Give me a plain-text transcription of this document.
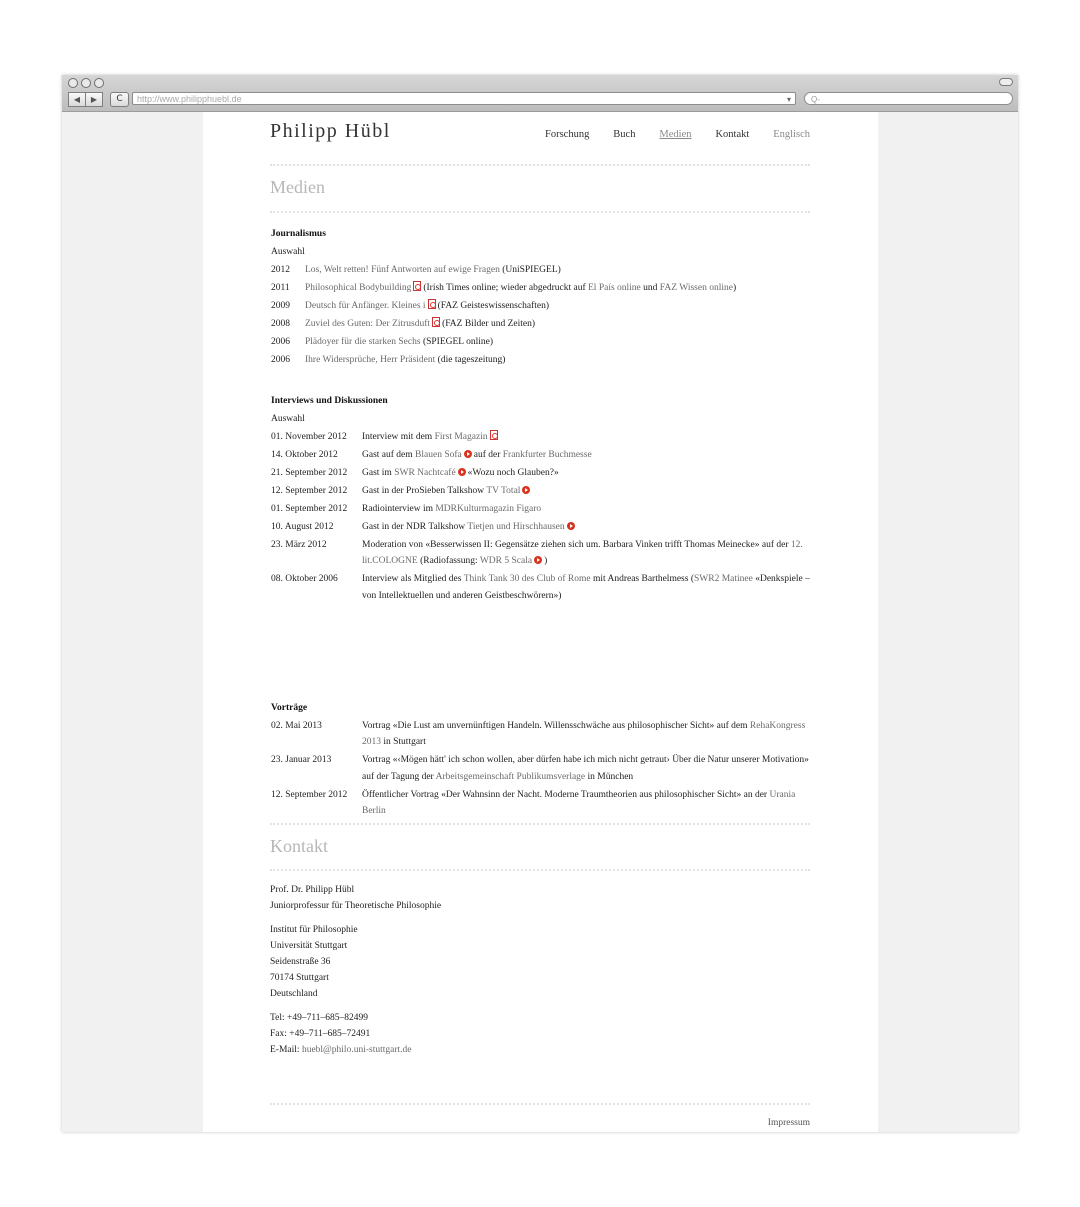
◀	▶	C	http://www.philipphuebl.de	▾	Q-
Philipp Hübl	Forschung Buch Medien Kontakt Englisch
Medien
Journalismus
Auswahl
2012	Los, Welt retten! Fünf Antworten auf ewige Fragen (UniSPIEGEL)
2011	Philosophical Bodybuilding (Irish Times online; wieder abgedruckt auf El País online und FAZ Wissen online)
2009	Deutsch für Anfänger. Kleines i (FAZ Geisteswissenschaften)
2008	Zuviel des Guten: Der Zitrusduft (FAZ Bilder und Zeiten)
2006	Plädoyer für die starken Sechs (SPIEGEL online)
2006	Ihre Widersprüche, Herr Präsident (die tageszeitung)
Interviews und Diskussionen
Auswahl
01. November 2012	Interview mit dem First Magazin
14. Oktober 2012	Gast auf dem Blauen Sofa auf der Frankfurter Buchmesse
21. September 2012	Gast im SWR Nachtcafé «Wozu noch Glauben?»
12. September 2012	Gast in der ProSieben Talkshow TV Total
01. September 2012	Radiointerview im MDRKulturmagazin Figaro
10. August 2012	Gast in der NDR Talkshow Tietjen und Hirschhausen
23. März 2012	Moderation von «Besserwissen II: Gegensätze ziehen sich um. Barbara Vinken trifft Thomas Meinecke» auf der 12. lit.COLOGNE (Radiofassung: WDR 5 Scala )
08. Oktober 2006	Interview als Mitglied des Think Tank 30 des Club of Rome mit Andreas Barthelmess (SWR2 Matinee «Denkspiele – von Intellektuellen und anderen Geistbeschwörern»)
Vorträge
02. Mai 2013	Vortrag «Die Lust am unvernünftigen Handeln. Willensschwäche aus philosophischer Sicht» auf dem RehaKongress 2013 in Stuttgart
23. Januar 2013	Vortrag «‹Mögen hätt' ich schon wollen, aber dürfen habe ich mich nicht getraut› Über die Natur unserer Motivation» auf der Tagung der Arbeitsgemeinschaft Publikumsverlage in München
12. September 2012	Öffentlicher Vortrag «Der Wahnsinn der Nacht. Moderne Traumtheorien aus philosophischer Sicht» an der Urania Berlin
Kontakt

Prof. Dr. Philipp Hübl

Juniorprofessur für Theoretische Philosophie

Institut für Philosophie

Universität Stuttgart

Seidenstraße 36

70174 Stuttgart

Deutschland

Tel: +49–711–685–82499

Fax: +49–711–685–72491

E-Mail: huebl@philo.uni-stuttgart.de

Impressum
